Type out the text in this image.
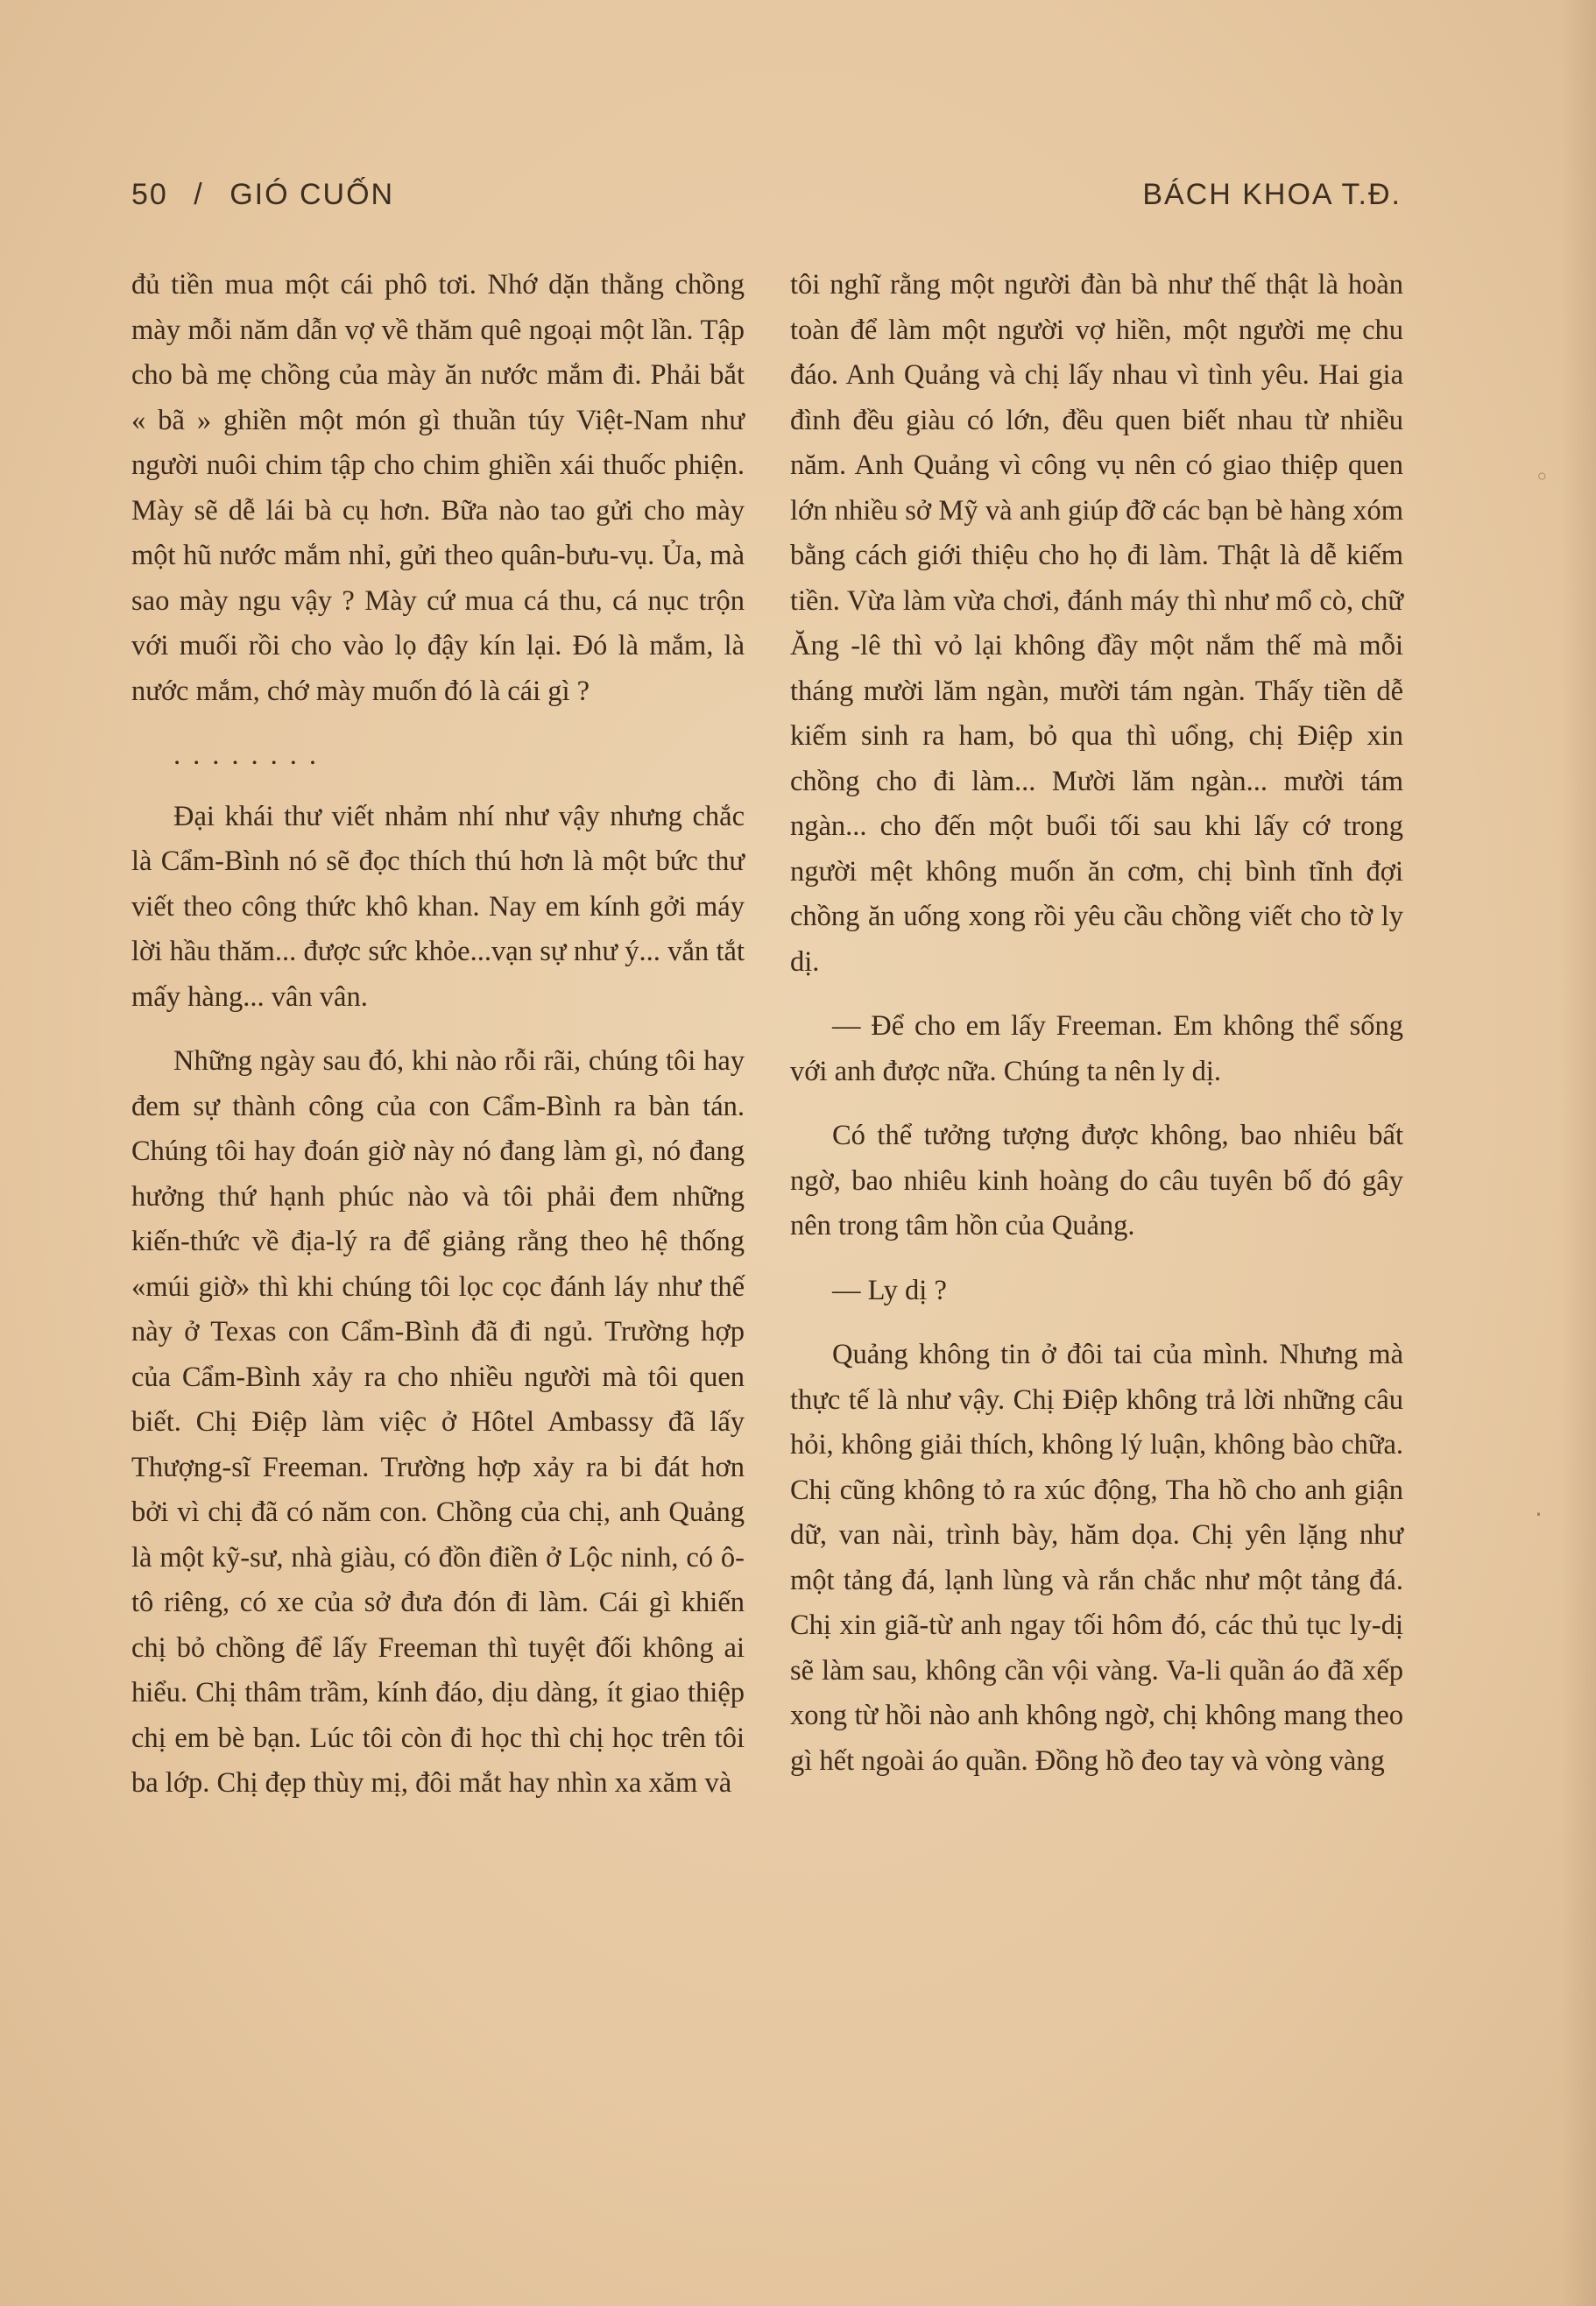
50 / GIÓ CUỐN	BÁCH KHOA T.Đ.

đủ tiền mua một cái phô tơi. Nhớ dặn thằng chồng mày mỗi năm dẫn vợ về thăm quê ngoại một lần. Tập cho bà mẹ chồng của mày ăn nước mắm đi. Phải bắt « bã » ghiền một món gì thuần túy Việt-Nam như người nuôi chim tập cho chim ghiền xái thuốc phiện. Mày sẽ dễ lái bà cụ hơn. Bữa nào tao gửi cho mày một hũ nước mắm nhỉ, gửi theo quân-bưu-vụ. Ủa, mà sao mày ngu vậy ? Mày cứ mua cá thu, cá nục trộn với muối rồi cho vào lọ đậy kín lại. Đó là mắm, là nước mắm, chớ mày muốn đó là cái gì ?

........

Đại khái thư viết nhảm nhí như vậy nhưng chắc là Cẩm-Bình nó sẽ đọc thích thú hơn là một bức thư viết theo công thức khô khan. Nay em kính gởi máy lời hầu thăm... được sức khỏe...vạn sự như ý... vắn tắt mấy hàng... vân vân.

Những ngày sau đó, khi nào rỗi rãi, chúng tôi hay đem sự thành công của con Cẩm-Bình ra bàn tán. Chúng tôi hay đoán giờ này nó đang làm gì, nó đang hưởng thứ hạnh phúc nào và tôi phải đem những kiến-thức về địa-lý ra để giảng rằng theo hệ thống «múi giờ» thì khi chúng tôi lọc cọc đánh láy như thế này ở Texas con Cẩm-Bình đã đi ngủ. Trường hợp của Cẩm-Bình xảy ra cho nhiều người mà tôi quen biết. Chị Điệp làm việc ở Hôtel Ambassy đã lấy Thượng-sĩ Freeman. Trường hợp xảy ra bi đát hơn bởi vì chị đã có năm con. Chồng của chị, anh Quảng là một kỹ-sư, nhà giàu, có đồn điền ở Lộc ninh, có ô-tô riêng, có xe của sở đưa đón đi làm. Cái gì khiến chị bỏ chồng để lấy Freeman thì tuyệt đối không ai hiểu. Chị thâm trầm, kính đáo, dịu dàng, ít giao thiệp chị em bè bạn. Lúc tôi còn đi học thì chị học trên tôi ba lớp. Chị đẹp thùy mị, đôi mắt hay nhìn xa xăm và

tôi nghĩ rằng một người đàn bà như thế thật là hoàn toàn để làm một người vợ hiền, một người mẹ chu đáo. Anh Quảng và chị lấy nhau vì tình yêu. Hai gia đình đều giàu có lớn, đều quen biết nhau từ nhiều năm. Anh Quảng vì công vụ nên có giao thiệp quen lớn nhiều sở Mỹ và anh giúp đỡ các bạn bè hàng xóm bằng cách giới thiệu cho họ đi làm. Thật là dễ kiếm tiền. Vừa làm vừa chơi, đánh máy thì như mổ cò, chữ Ăng -lê thì vỏ lại không đầy một nắm thế mà mỗi tháng mười lăm ngàn, mười tám ngàn. Thấy tiền dễ kiếm sinh ra ham, bỏ qua thì uổng, chị Điệp xin chồng cho đi làm... Mười lăm ngàn... mười tám ngàn... cho đến một buổi tối sau khi lấy cớ trong người mệt không muốn ăn cơm, chị bình tĩnh đợi chồng ăn uống xong rồi yêu cầu chồng viết cho tờ ly dị.

— Để cho em lấy Freeman. Em không thể sống với anh được nữa. Chúng ta nên ly dị.

Có thể tưởng tượng được không, bao nhiêu bất ngờ, bao nhiêu kinh hoàng do câu tuyên bố đó gây nên trong tâm hồn của Quảng.

— Ly dị ?

Quảng không tin ở đôi tai của mình. Nhưng mà thực tế là như vậy. Chị Điệp không trả lời những câu hỏi, không giải thích, không lý luận, không bào chữa. Chị cũng không tỏ ra xúc động, Tha hồ cho anh giận dữ, van nài, trình bày, hăm dọa. Chị yên lặng như một tảng đá, lạnh lùng và rắn chắc như một tảng đá. Chị xin giã-từ anh ngay tối hôm đó, các thủ tục ly-dị sẽ làm sau, không cần vội vàng. Va-li quần áo đã xếp xong từ hồi nào anh không ngờ, chị không mang theo gì hết ngoài áo quần. Đồng hồ đeo tay và vòng vàng

◦
·
